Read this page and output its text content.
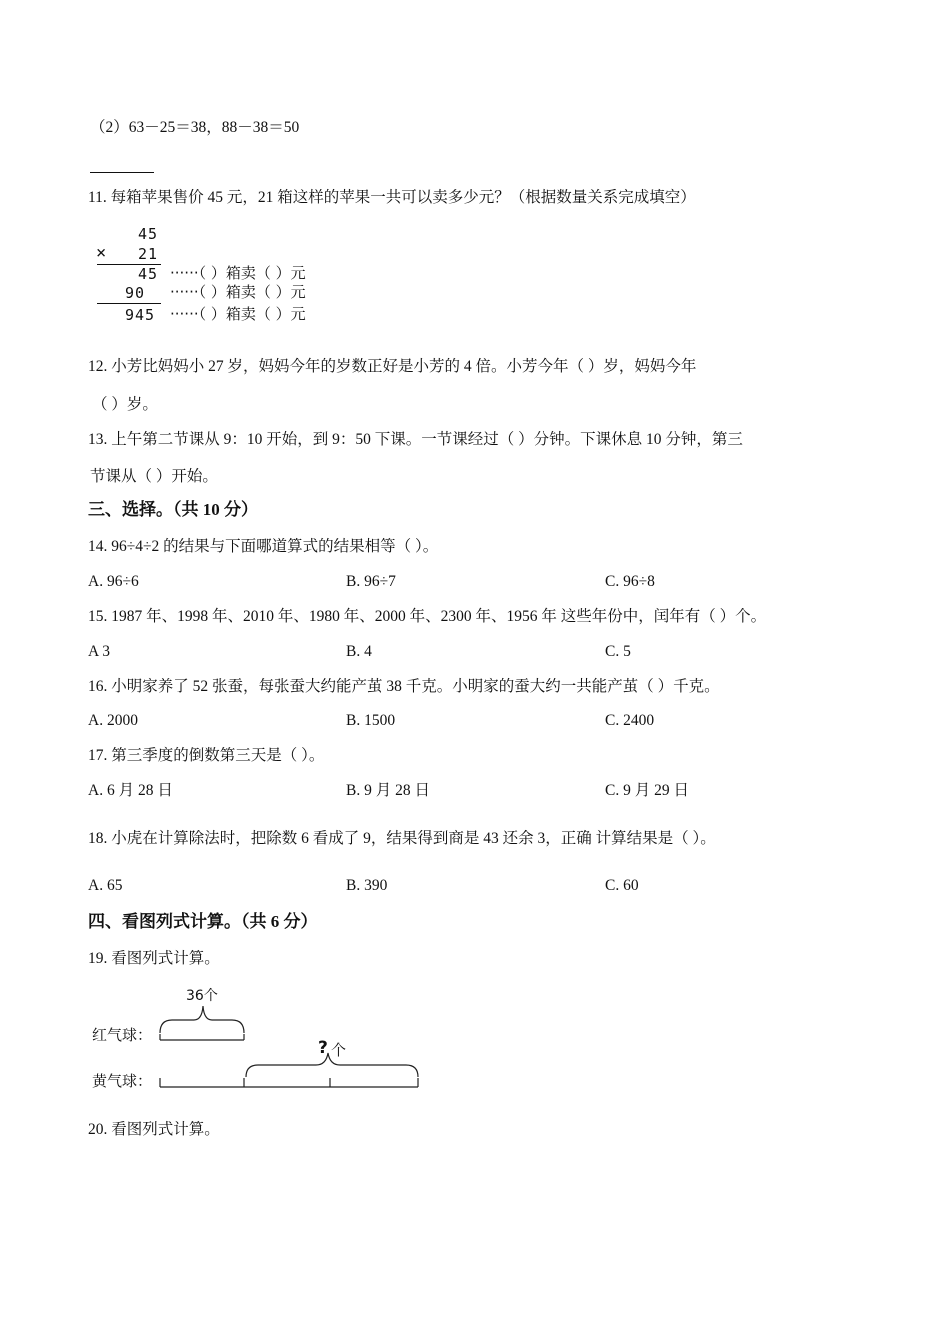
（2）63－25＝38，88－38＝50
11. 每箱苹果售价 45 元，21 箱这样的苹果一共可以卖多少元？（根据数量关系完成填空）
45
× 21
45 ······（ ）箱卖（ ）元
90 ······（ ）箱卖（ ）元
945 ······（ ）箱卖（ ）元
12. 小芳比妈妈小 27 岁，妈妈今年的岁数正好是小芳的 4 倍。小芳今年（ ）岁，妈妈今年
（ ）岁。
13. 上午第二节课从 9：10 开始，到 9：50 下课。一节课经过（ ）分钟。下课休息 10 分钟，第三
节课从（ ）开始。
三、选择。（共 10 分）
14. 96÷4÷2 的结果与下面哪道算式的结果相等（ ）。
A. 96÷6	B. 96÷7	C. 96÷8
15. 1987 年、1998 年、2010 年、1980 年、2000 年、2300 年、1956 年 这些年份中，闰年有（ ）个。
A 3	B. 4	C. 5
16. 小明家养了 52 张蚕，每张蚕大约能产茧 38 千克。小明家的蚕大约一共能产茧（ ）千克。
A. 2000	B. 1500	C. 2400
17. 第三季度的倒数第三天是（ ）。
A. 6 月 28 日	B. 9 月 28 日	C. 9 月 29 日
18. 小虎在计算除法时，把除数 6 看成了 9，结果得到商是 43 还余 3，正确 计算结果是（ ）。
A. 65	B. 390	C. 60
四、看图列式计算。（共 6 分）
19. 看图列式计算。
36个
红气球：
黄气球：
? 个
20. 看图列式计算。
